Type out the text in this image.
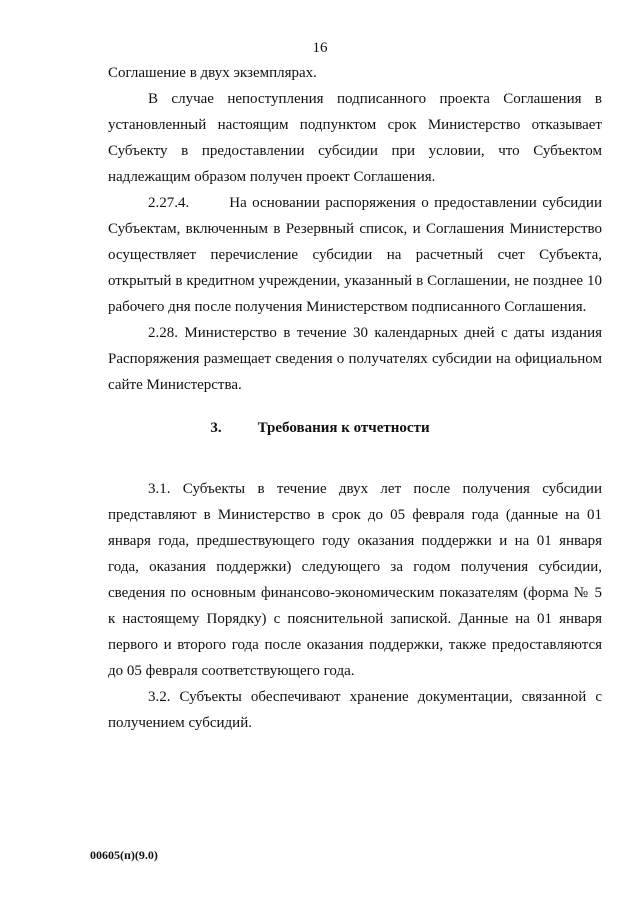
16
Соглашение в двух экземплярах.
В случае непоступления подписанного проекта Соглашения в установленный настоящим подпунктом срок Министерство отказывает Субъекту в предоставлении субсидии при условии, что Субъектом надлежащим образом получен проект Соглашения.
2.27.4.	На основании распоряжения о предоставлении субсидии Субъектам, включенным в Резервный список, и Соглашения Министерство осуществляет перечисление субсидии на расчетный счет Субъекта, открытый в кредитном учреждении, указанный в Соглашении, не позднее 10 рабочего дня после получения Министерством подписанного Соглашения.
2.28. Министерство в течение 30 календарных дней с даты издания Распоряжения размещает сведения о получателях субсидии на официальном сайте Министерства.
3. Требования к отчетности
3.1. Субъекты в течение двух лет после получения субсидии представляют в Министерство в срок до 05 февраля года (данные на 01 января года, предшествующего году оказания поддержки и на 01 января года, оказания поддержки) следующего за годом получения субсидии, сведения по основным финансово-экономическим показателям (форма № 5 к настоящему Порядку) с пояснительной запиской. Данные на 01 января первого и второго года после оказания поддержки, также предоставляются до 05 февраля соответствующего года.
3.2. Субъекты обеспечивают хранение документации, связанной с получением субсидий.
00605(п)(9.0)
